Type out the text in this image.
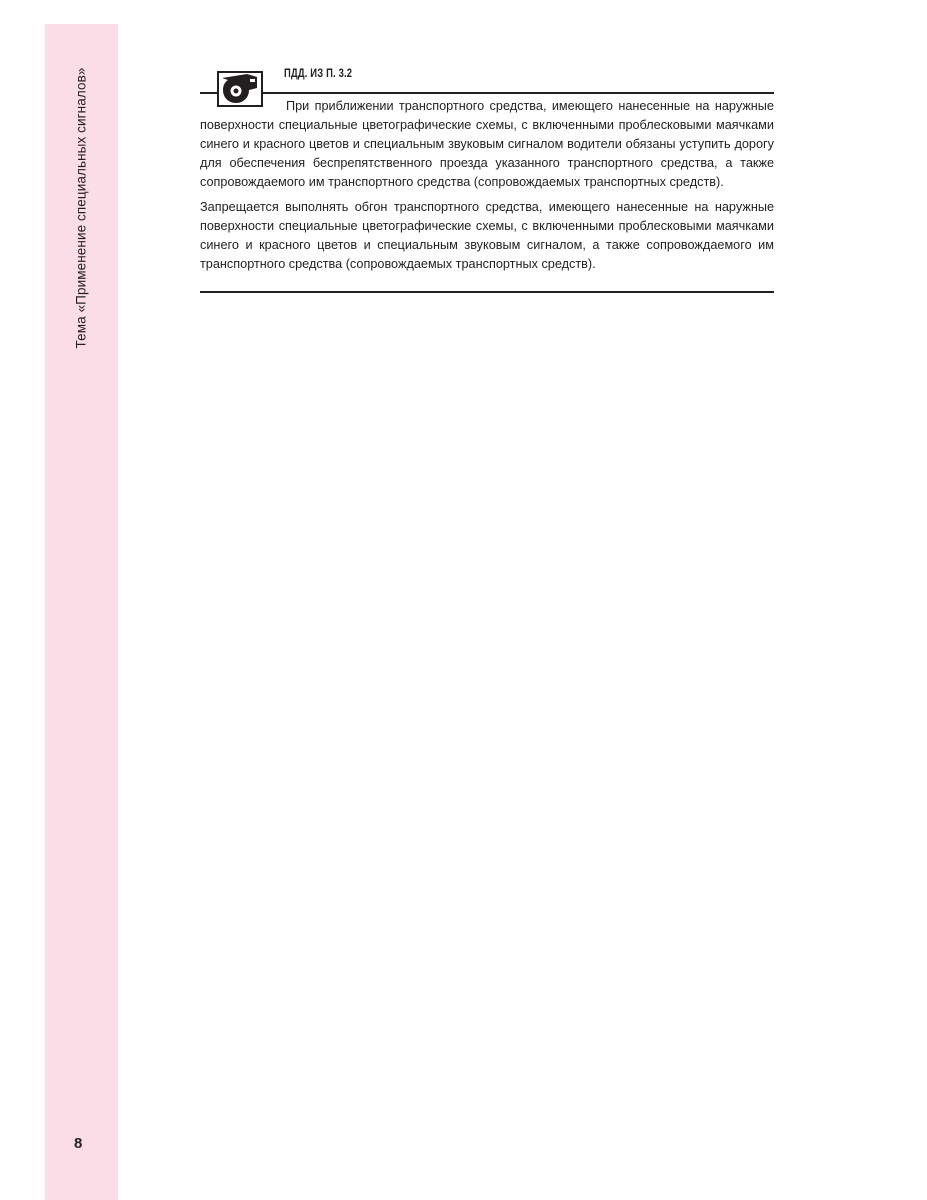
Тема «Применение специальных сигналов»
8
ПДД. ИЗ П. 3.2

При приближении транспортного средства, имеющего нанесенные на наружные поверхности специальные цветографические схемы, с включенными проблесковыми маячками синего и красного цветов и специальным звуковым сигналом водители обязаны уступить дорогу для обеспечения беспрепятственного проезда указанного транспортного средства, а также сопровождаемого им транспортного средства (сопровождаемых транспортных средств).

Запрещается выполнять обгон транспортного средства, имеющего нанесенные на наружные поверхности специальные цветографические схемы, с включенными проблесковыми маячками синего и красного цветов и специальным звуковым сигналом, а также сопровождаемого им транспортного средства (сопровождаемых транспортных средств).
